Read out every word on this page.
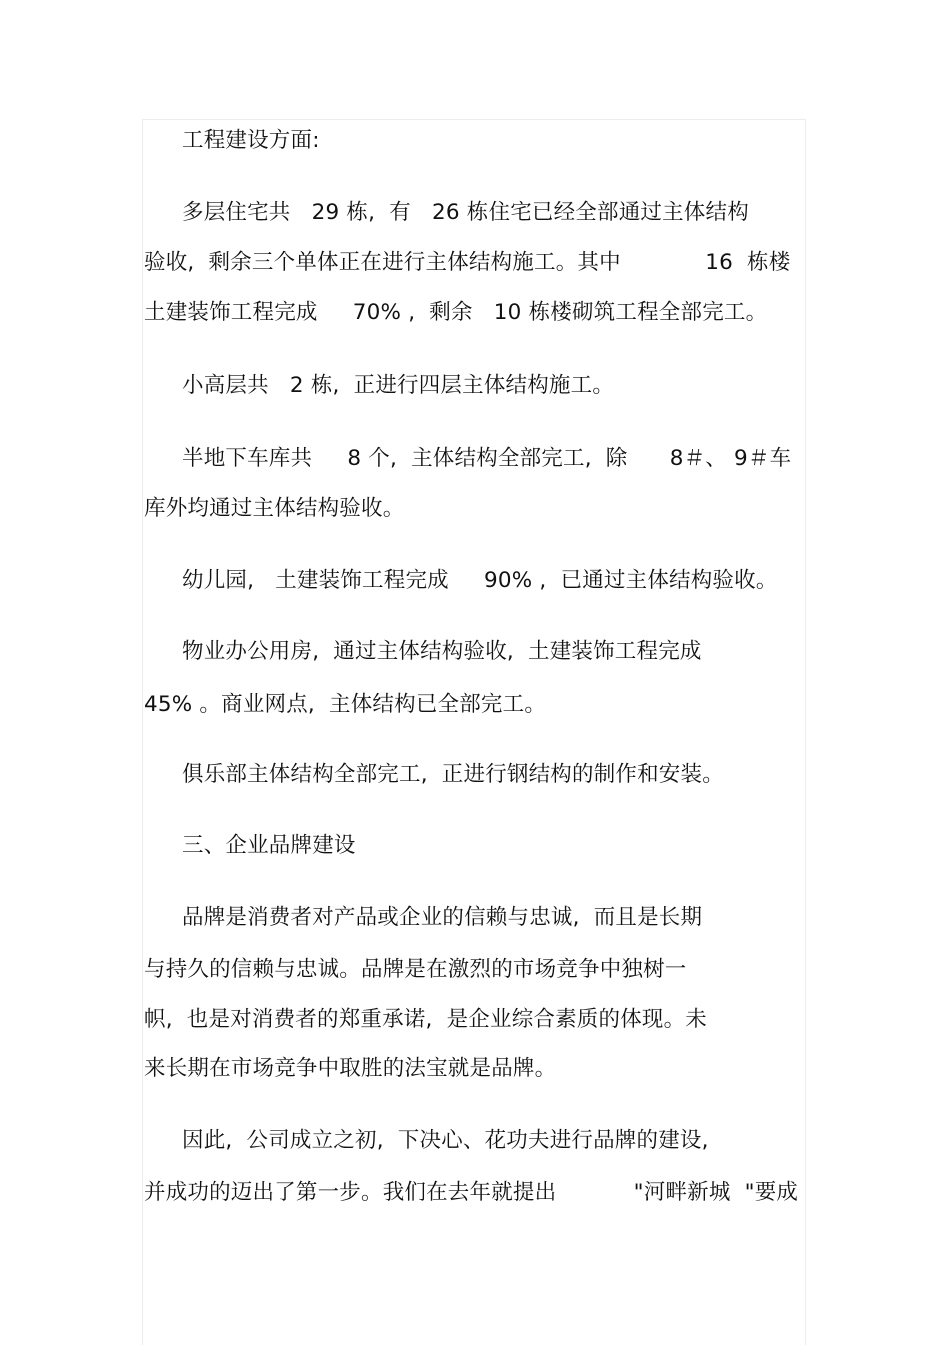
工程建设方面:
多层住宅共   29 栋,  有   26 栋住宅已经全部通过主体结构
验收,  剩余三个单体正在进行主体结构施工。其中            16  栋楼
土建装饰工程完成     70% ,  剩余   10 栋楼砌筑工程全部完工。
小高层共   2 栋,  正进行四层主体结构施工。
半地下车库共     8 个,  主体结构全部完工,  除      8＃、 9＃车
库外均通过主体结构验收。
幼儿园,   土建装饰工程完成     90% ,  已通过主体结构验收。
物业办公用房,  通过主体结构验收,  土建装饰工程完成
45% 。商业网点,  主体结构已全部完工。
俱乐部主体结构全部完工,  正进行钢结构的制作和安装。
三、企业品牌建设
品牌是消费者对产品或企业的信赖与忠诚,  而且是长期
与持久的信赖与忠诚。品牌是在激烈的市场竞争中独树一
帜,  也是对消费者的郑重承诺,  是企业综合素质的体现。未
来长期在市场竞争中取胜的法宝就是品牌。
因此,  公司成立之初,  下决心、花功夫进行品牌的建设,
并成功的迈出了第一步。我们在去年就提出           "河畔新城  "要成
